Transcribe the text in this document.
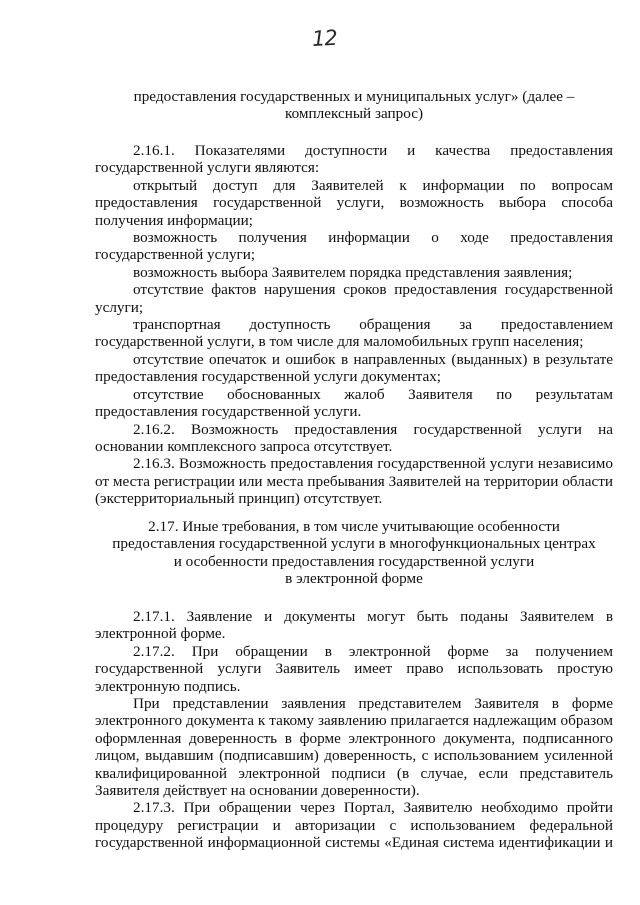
12
предоставления государственных и муниципальных услуг» (далее –
комплексный запрос)

2.16.1. Показателями доступности и качества предоставления государственной услуги являются:

открытый доступ для Заявителей к информации по вопросам предоставления государственной услуги, возможность выбора способа получения информации;

возможность получения информации о ходе предоставления государственной услуги;

возможность выбора Заявителем порядка представления заявления;

отсутствие фактов нарушения сроков предоставления государственной услуги;

транспортная доступность обращения за предоставлением государственной услуги, в том числе для маломобильных групп населения;

отсутствие опечаток и ошибок в направленных (выданных) в результате предоставления государственной услуги документах;

отсутствие обоснованных жалоб Заявителя по результатам предоставления государственной услуги.

2.16.2. Возможность предоставления государственной услуги на основании комплексного запроса отсутствует.

2.16.3. Возможность предоставления государственной услуги независимо от места регистрации или места пребывания Заявителей на территории области (экстерриториальный принцип) отсутствует.

2.17. Иные требования, в том числе учитывающие особенности

предоставления государственной услуги в многофункциональных центрах

и особенности предоставления государственной услуги

в электронной форме

2.17.1. Заявление и документы могут быть поданы Заявителем в электронной форме.

2.17.2. При обращении в электронной форме за получением государственной услуги Заявитель имеет право использовать простую электронную подпись.

При представлении заявления представителем Заявителя в форме электронного документа к такому заявлению прилагается надлежащим образом оформленная доверенность в форме электронного документа, подписанного лицом, выдавшим (подписавшим) доверенность, с использованием усиленной квалифицированной электронной подписи (в случае, если представитель Заявителя действует на основании доверенности).

2.17.3. При обращении через Портал, Заявителю необходимо пройти процедуру регистрации и авторизации с использованием федеральной государственной информационной системы «Единая система идентификации и
